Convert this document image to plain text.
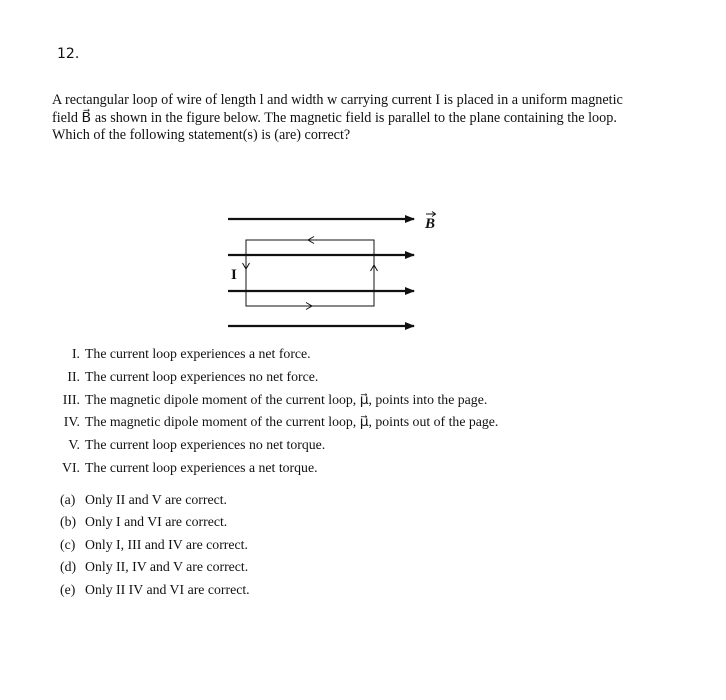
12.
A rectangular loop of wire of length l and width w carrying current I is placed in a uniform magnetic
field B⃗ as shown in the figure below. The magnetic field is parallel to the plane containing the loop.
Which of the following statement(s) is (are) correct?
B
I
I. The current loop experiences a net force.
II. The current loop experiences no net force.
III. The magnetic dipole moment of the current loop, μ⃗, points into the page.
IV. The magnetic dipole moment of the current loop, μ⃗, points out of the page.
V. The current loop experiences no net torque.
VI. The current loop experiences a net torque.
(a) Only II and V are correct.
(b) Only I and VI are correct.
(c) Only I, III and IV are correct.
(d) Only II, IV and V are correct.
(e) Only II IV and VI are correct.
